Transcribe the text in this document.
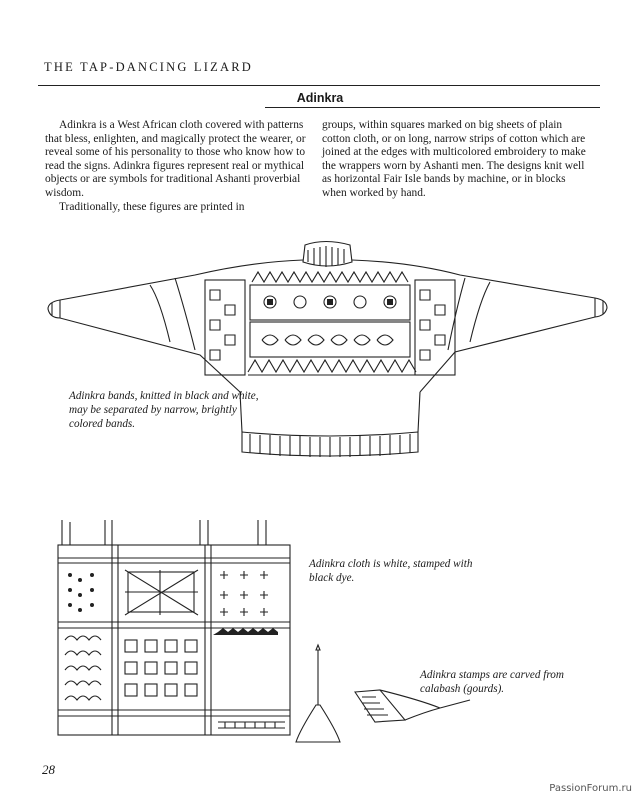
THE TAP-DANCING LIZARD
Adinkra

Adinkra is a West African cloth covered with patterns that bless, enlighten, and magically protect the wearer, or reveal some of his personality to those who know how to read the signs. Adinkra figures represent real or mythical objects or are symbols for traditional Ashanti proverbial wisdom.

Traditionally, these figures are printed in

groups, within squares marked on big sheets of plain cotton cloth, or on long, narrow strips of cotton which are joined at the edges with multicolored embroidery to make the wrappers worn by Ashanti men. The designs knit well as horizontal Fair Isle bands by machine, or in blocks when worked by hand.

Adinkra bands, knitted in black and white, may be separated by narrow, brightly colored bands.
Adinkra cloth is white, stamped with black dye.
Adinkra stamps are carved from calabash (gourds).
28
PassionForum.ru
